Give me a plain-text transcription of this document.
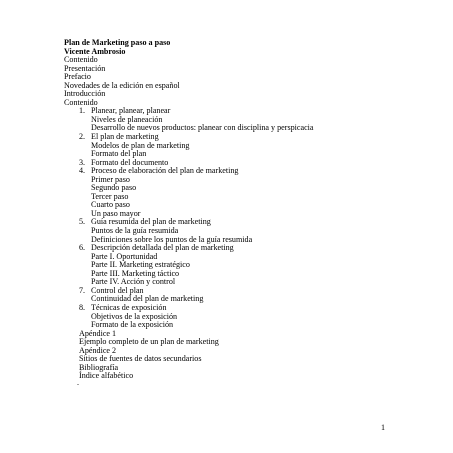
Plan de Marketing paso a paso
Vicente Ambrosio
Contenido
Presentación
Prefacio
Novedades de la edición en español
Introducción
Contenido
1. Planear, planear, planear
Niveles de planeación
Desarrollo de nuevos productos: planear con disciplina y perspicacia
2. El plan de marketing
Modelos de plan de marketing
Formato del plan
3. Formato del documento
4. Proceso de elaboración del plan de marketing
Primer paso
Segundo paso
Tercer paso
Cuarto paso
Un paso mayor
5. Guía resumida del plan de marketing
Puntos de la guía resumida
Definiciones sobre los puntos de la guía resumida
6. Descripción detallada del plan de marketing
Parte I. Oportunidad
Parte II. Marketing estratégico
Parte III. Marketing táctico
Parte IV. Acción y control
7. Control del plan
Continuidad del plan de marketing
8. Técnicas de exposición
Objetivos de la exposición
Formato de la exposición
Apéndice 1
Ejemplo completo de un plan de marketing
Apéndice 2
Sitios de fuentes de datos secundarios
Bibliografía
Índice alfabético
.
1
